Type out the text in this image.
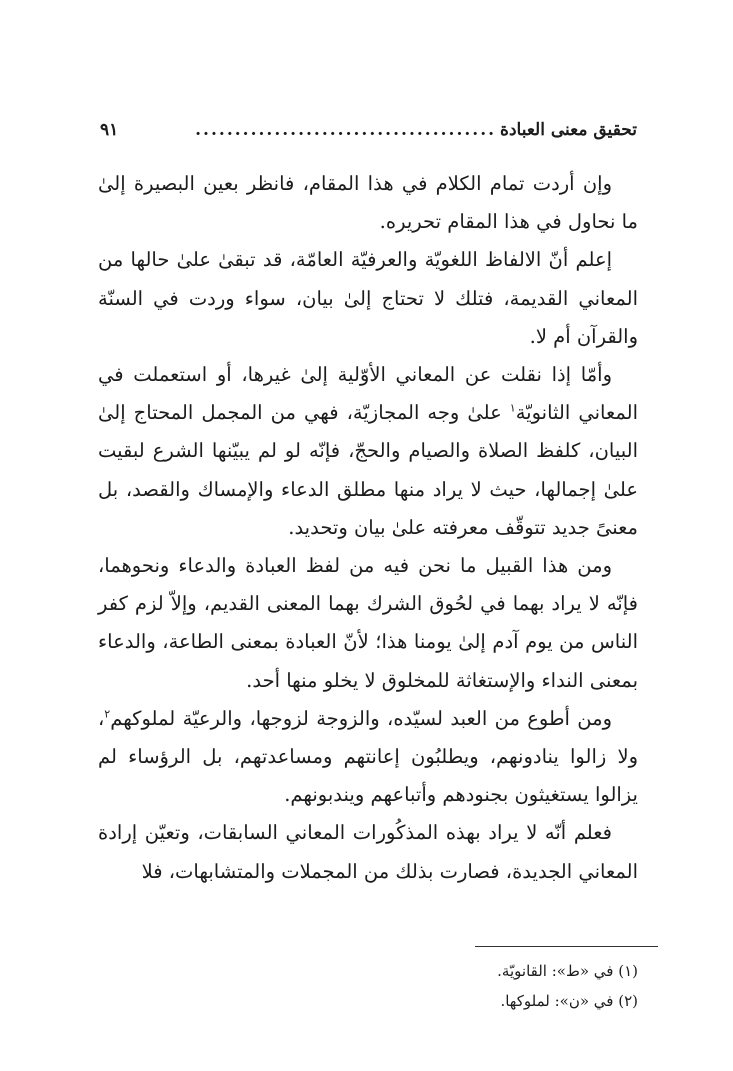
تحقيق معنى العبادة
......................................
٩١

وإن أردت تمام الكلام في هذا المقام، فانظر بعين البصيرة إلىٰ ما نحاول في هذا المقام تحريره.

إعلم أنّ الالفاظ اللغويّة والعرفيّة العامّة، قد تبقىٰ علىٰ حالها من المعاني القديمة، فتلك لا تحتاج إلىٰ بيان، سواء وردت في السنّة والقرآن أم لا.

وأمّا إذا نقلت عن المعاني الأوّلية إلىٰ غيرها، أو استعملت في المعاني الثانويّة$^١$ علىٰ وجه المجازيّة، فهي من المجمل المحتاج إلىٰ البيان، كلفظ الصلاة والصيام والحجّ، فإنّه لو لم يبيّنها الشرع لبقيت علىٰ إجمالها، حيث لا يراد منها مطلق الدعاء والإمساك والقصد، بل معنىً جديد تتوقّف معرفته علىٰ بيان وتحديد.

ومن هذا القبيل ما نحن فيه من لفظ العبادة والدعاء ونحوهما، فإنّه لا يراد بهما في لحُوق الشرك بهما المعنى القديم، وإلاّ لزم كفر الناس من يوم آدم إلىٰ يومنا هذا؛ لأنّ العبادة بمعنى الطاعة، والدعاء بمعنى النداء والإستغاثة للمخلوق لا يخلو منها أحد.

ومن أطوع من العبد لسيّده، والزوجة لزوجها، والرعيّة لملوكهم$^٢$، ولا زالوا ينادونهم، ويطلبُون إعانتهم ومساعدتهم، بل الرؤساء لم يزالوا يستغيثون بجنودهم وأتباعهم ويندبونهم.

فعلم أنّه لا يراد بهذه المذكُورات المعاني السابقات، وتعيّن إرادة المعاني الجديدة، فصارت بذلك من المجملات والمتشابهات، فلا

(١) في «ط»: القانويّة.
(٢) في «ن»: لملوكها.
